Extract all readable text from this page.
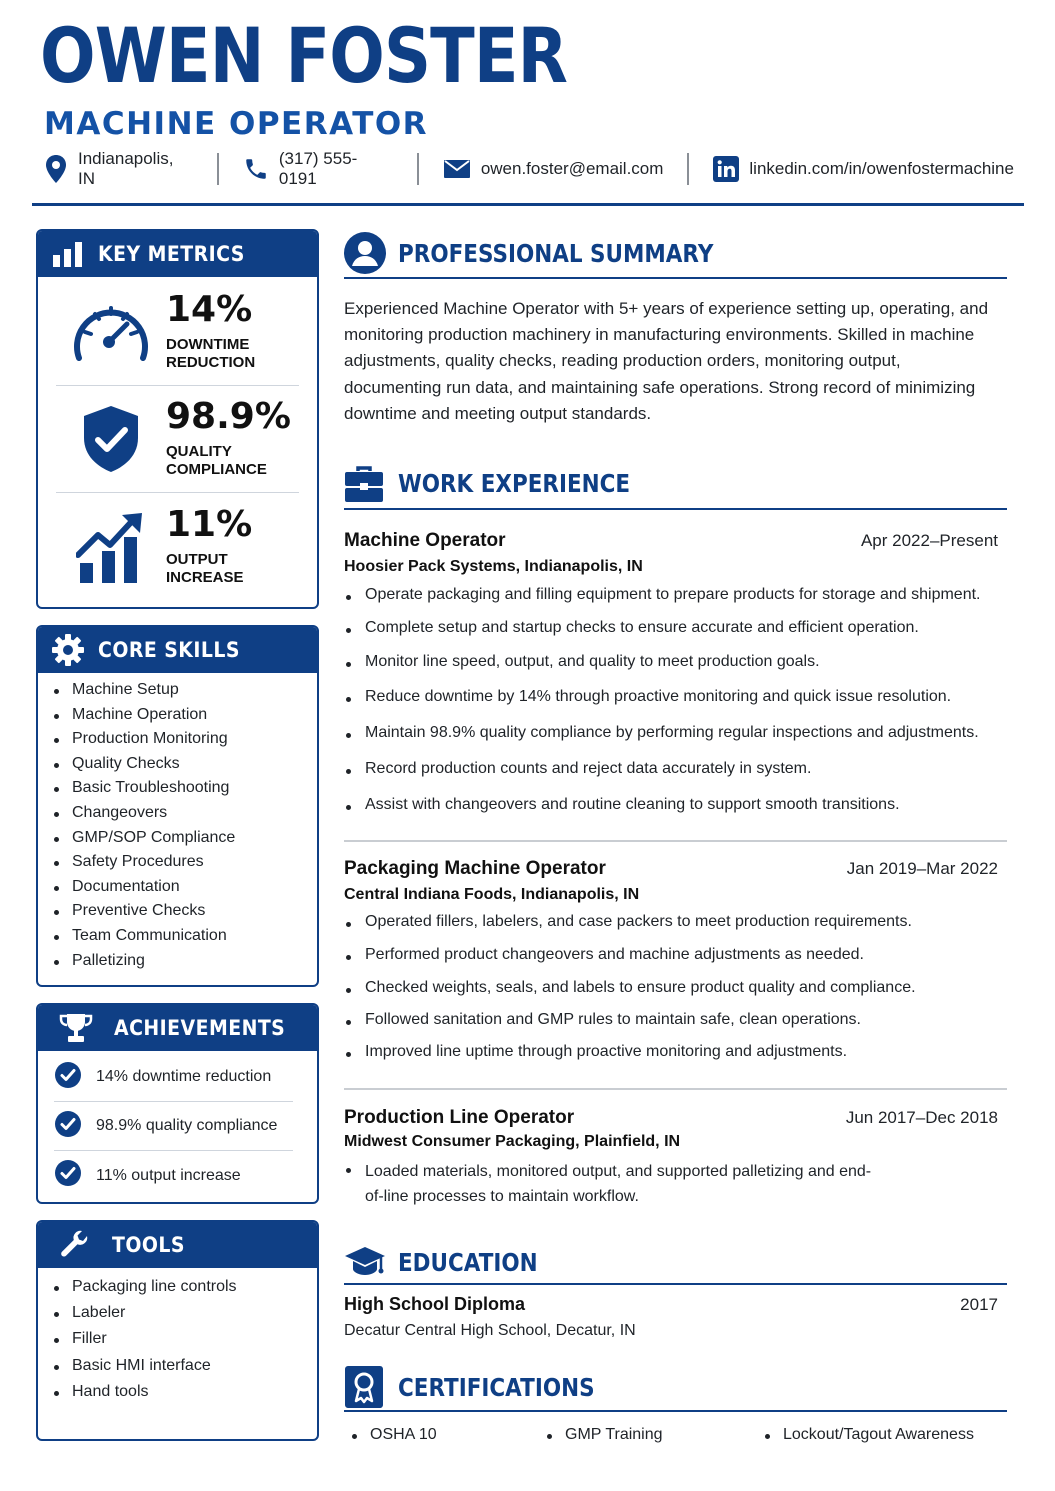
OWEN FOSTER
MACHINE OPERATOR
Indianapolis, IN
(317) 555-0191
owen.foster@email.com	linkedin.com/in/owenfostermachine
KEY METRICS
14%
DOWNTIME
REDUCTION
98.9%
QUALITY
COMPLIANCE
11%
OUTPUT
INCREASE
CORE SKILLS
Machine Setup
Machine Operation
Production Monitoring
Quality Checks
Basic Troubleshooting
Changeovers
GMP/SOP Compliance
Safety Procedures
Documentation
Preventive Checks
Team Communication
Palletizing
ACHIEVEMENTS
14% downtime reduction
98.9% quality compliance
11% output increase
TOOLS
Packaging line controls
Labeler
Filler
Basic HMI interface
Hand tools
PROFESSIONAL SUMMARY
Experienced Machine Operator with 5+ years of experience setting up, operating, and monitoring production machinery in manufacturing environments. Skilled in machine adjustments, quality checks, reading production orders, monitoring output, documenting run data, and maintaining safe operations. Strong record of minimizing downtime and meeting output standards.
WORK EXPERIENCE
Machine Operator	Apr 2022–Present
Hoosier Pack Systems, Indianapolis, IN
Operate packaging and filling equipment to prepare products for storage and shipment.
Complete setup and startup checks to ensure accurate and efficient operation.
Monitor line speed, output, and quality to meet production goals.
Reduce downtime by 14% through proactive monitoring and quick issue resolution.
Maintain 98.9% quality compliance by performing regular inspections and adjustments.
Record production counts and reject data accurately in system.
Assist with changeovers and routine cleaning to support smooth transitions.
Packaging Machine Operator	Jan 2019–Mar 2022
Central Indiana Foods, Indianapolis, IN
Operated fillers, labelers, and case packers to meet production requirements.
Performed product changeovers and machine adjustments as needed.
Checked weights, seals, and labels to ensure product quality and compliance.
Followed sanitation and GMP rules to maintain safe, clean operations.
Improved line uptime through proactive monitoring and adjustments.
Production Line Operator	Jun 2017–Dec 2018
Midwest Consumer Packaging, Plainfield, IN
Loaded materials, monitored output, and supported palletizing and end-of-line processes to maintain workflow.
EDUCATION
High School Diploma	2017
Decatur Central High School, Decatur, IN
CERTIFICATIONS
OSHA 10	GMP Training	Lockout/Tagout Awareness
